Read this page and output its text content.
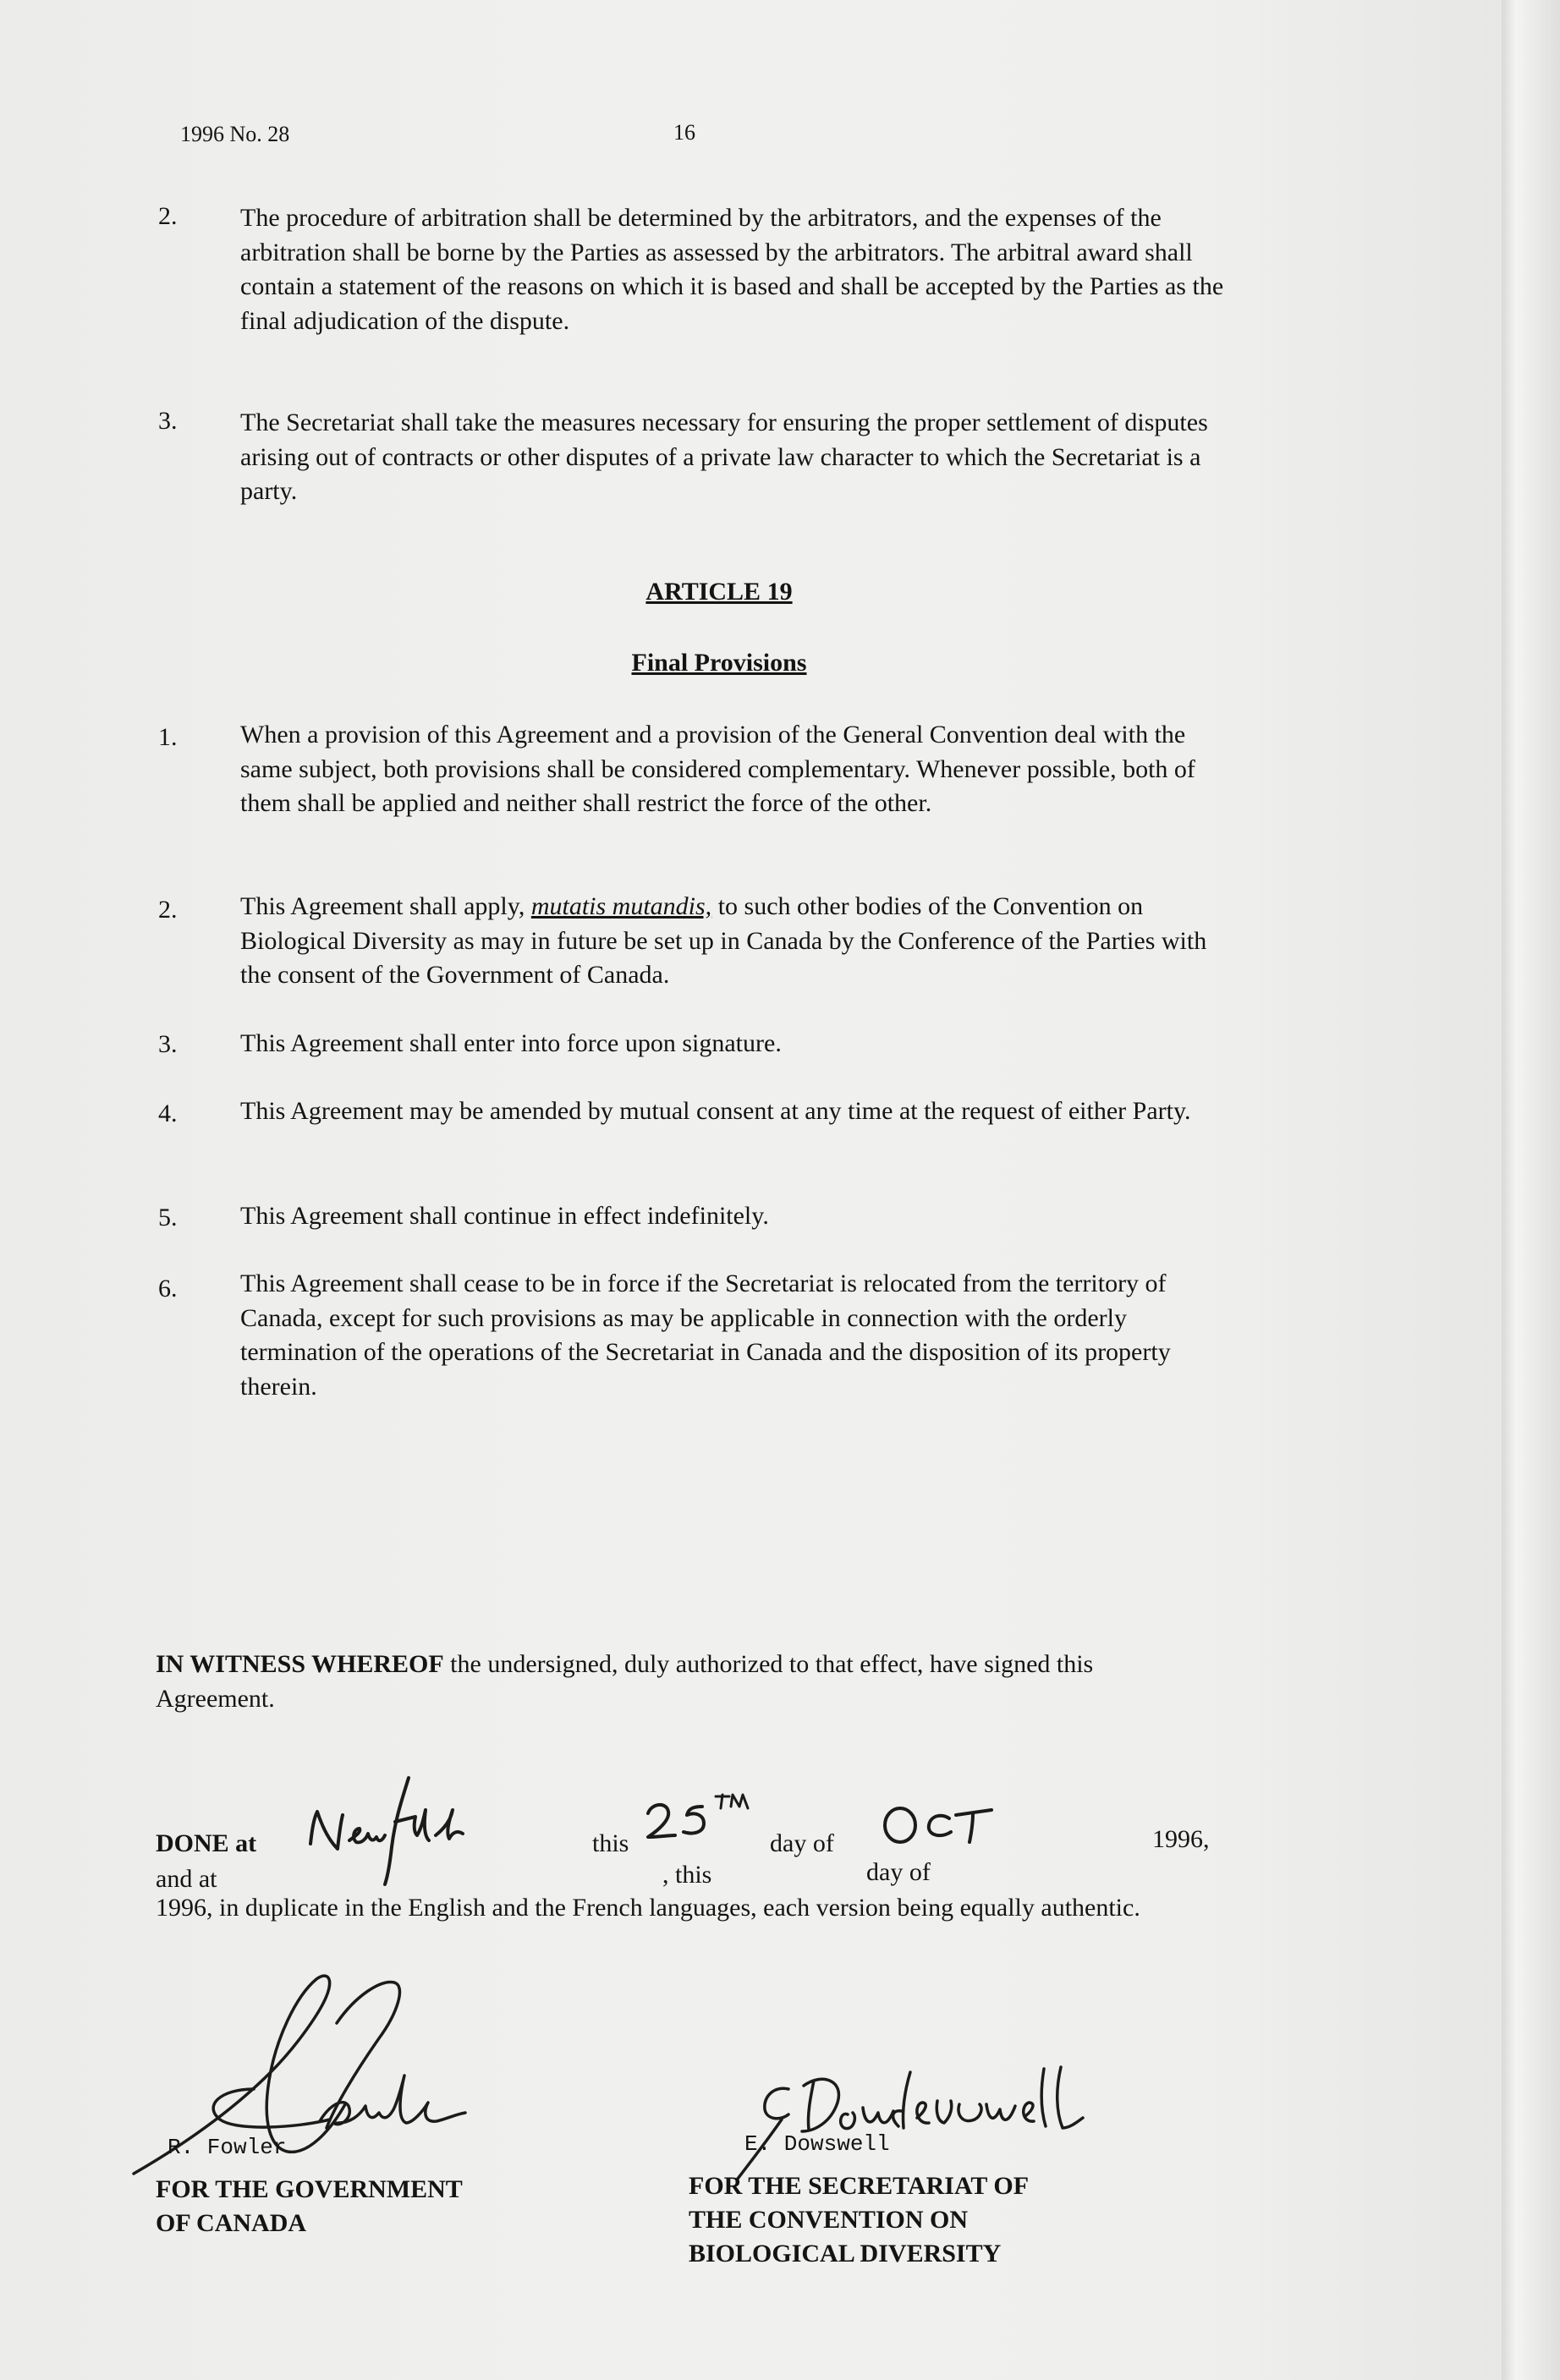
1996 No. 28	16
2. The procedure of arbitration shall be determined by the arbitrators, and the expenses of the arbitration shall be borne by the Parties as assessed by the arbitrators. The arbitral award shall contain a statement of the reasons on which it is based and shall be accepted by the Parties as the final adjudication of the dispute.
3. The Secretariat shall take the measures necessary for ensuring the proper settlement of disputes arising out of contracts or other disputes of a private law character to which the Secretariat is a party.
ARTICLE 19
Final Provisions
1. When a provision of this Agreement and a provision of the General Convention deal with the same subject, both provisions shall be considered complementary. Whenever possible, both of them shall be applied and neither shall restrict the force of the other.
2. This Agreement shall apply, mutatis mutandis, to such other bodies of the Convention on Biological Diversity as may in future be set up in Canada by the Conference of the Parties with the consent of the Government of Canada.
3. This Agreement shall enter into force upon signature.
4. This Agreement may be amended by mutual consent at any time at the request of either Party.
5. This Agreement shall continue in effect indefinitely.
6. This Agreement shall cease to be in force if the Secretariat is relocated from the territory of Canada, except for such provisions as may be applicable in connection with the orderly termination of the operations of the Secretariat in Canada and the disposition of its property therein.
IN WITNESS WHEREOF the undersigned, duly authorized to that effect, have signed this Agreement.
DONE at	this	day of	1996,
and at	, this	day of
1996, in duplicate in the English and the French languages, each version being equally authentic.
R. Fowler
FOR THE GOVERNMENT
OF CANADA
E. Dowswell
FOR THE SECRETARIAT OF
THE CONVENTION ON
BIOLOGICAL DIVERSITY
